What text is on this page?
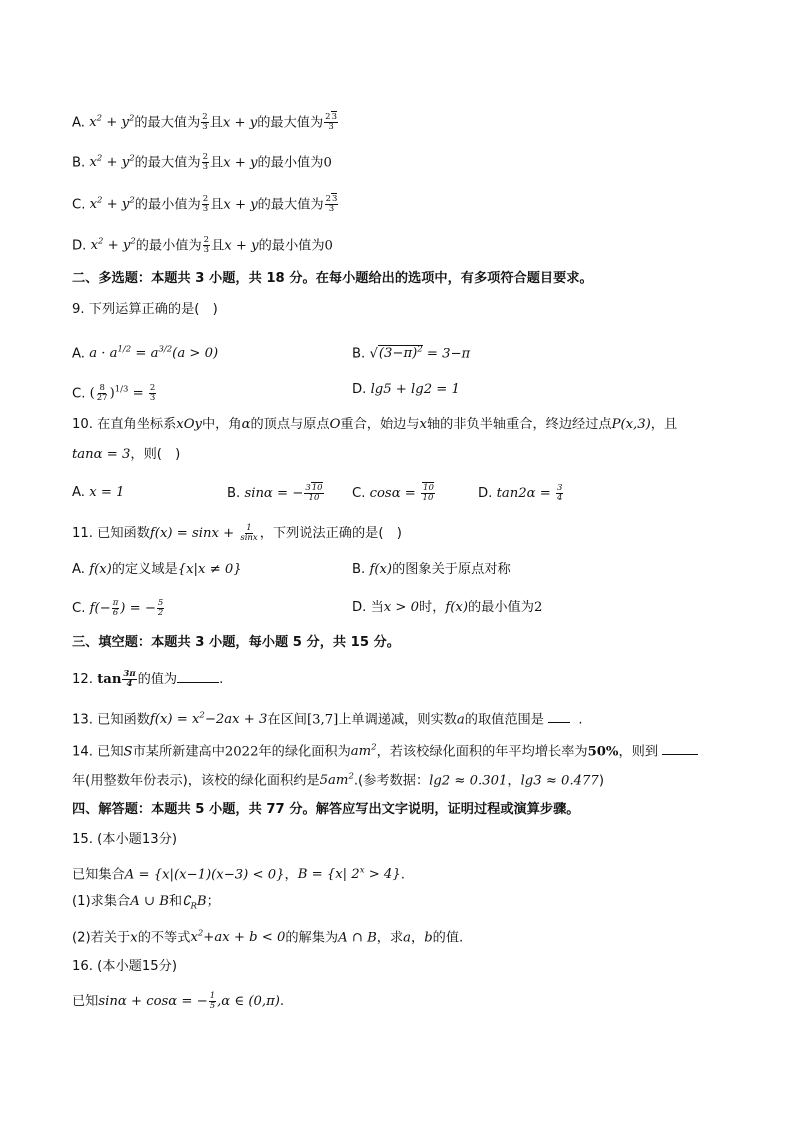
A. $x^2 + y^2$的最大值为 $\frac{2}{3}$ 且x + y的最大值为 $\frac{23}{3}$
B. $x^2 + y^2$的最大值为 $\frac{2}{3}$ 且x + y的最小值为0
C. $x^2 + y^2$的最小值为 $\frac{2}{3}$ 且x + y的最大值为 $\frac{23}{3}$
D. $x^2 + y^2$的最小值为 $\frac{2}{3}$ 且x + y的最小值为0
二、多选题：本题共 3 小题，共 18 分。在每小题给出的选项中，有多项符合题目要求。
9. 下列运算正确的是(　)
A. $a \cdot a^{1/2} = a^{3/2}(a > 0)$	B. $√(3-\pi)^2 = 3-\pi$
C. ( $\frac{8}{27} )^{1/3} = \frac{2}{3}$	D. lg5 + lg2 = 1
10. 在直角坐标系xOy中，角α的顶点与原点O重合，始边与x轴的非负半轴重合，终边经过点P(x,3)，且
tanα = 3，则(　)
A. x = 1	B. sinα = − $\frac{310}{10} C$. $\cos\alpha = \frac{10}{10}$	D. $\tan 2\alpha = \frac{3}{4}$
11. 已知函数$f(x) = \sin x + \frac{1}{\sin x}$ ，下列说法正确的是(　)
A. f(x)的定义域是{x|x ≠ 0}	B. f(x)的图象关于原点对称
C. $f(- \frac{\pi}{6}$ ) = − $\frac{5}{2}$	D. 当x > 0时，f(x)的最小值为2
三、填空题：本题共 3 小题，每小题 5 分，共 15 分。
12. $\tan \frac{3\pi}{4}$ 的值为	.
13. 已知函数$f(x) = x^2-2ax + 3$在区间[3,7]上单调递减，则实数a的取值范围是	.
14. 已知S市某所新建高中2022年的绿化面积为$am^2$，若该校绿化面积的年平均增长率为50%，则到
年(用整数年份表示)，该校的绿化面积约是$5am^2$.(参考数据：lg2 ≈ 0.301，lg3 ≈ 0.477)
四、解答题：本题共 5 小题，共 77 分。解答应写出文字说明，证明过程或演算步骤。
15. (本小题13分)
已知集合A = {x|(x−1)(x−3) < 0}，B = {x| $2^x > 4$}.
(1)求集合A ∪ B和$∁_RB$；
(2)若关于x的不等式$x^2+ax + b < 0$的解集为A ∩ B，求a，b的值.
16. (本小题15分)
已知sinα + cosα = − $\frac{1}{5} ,\alpha$ ∈ (0,π).
